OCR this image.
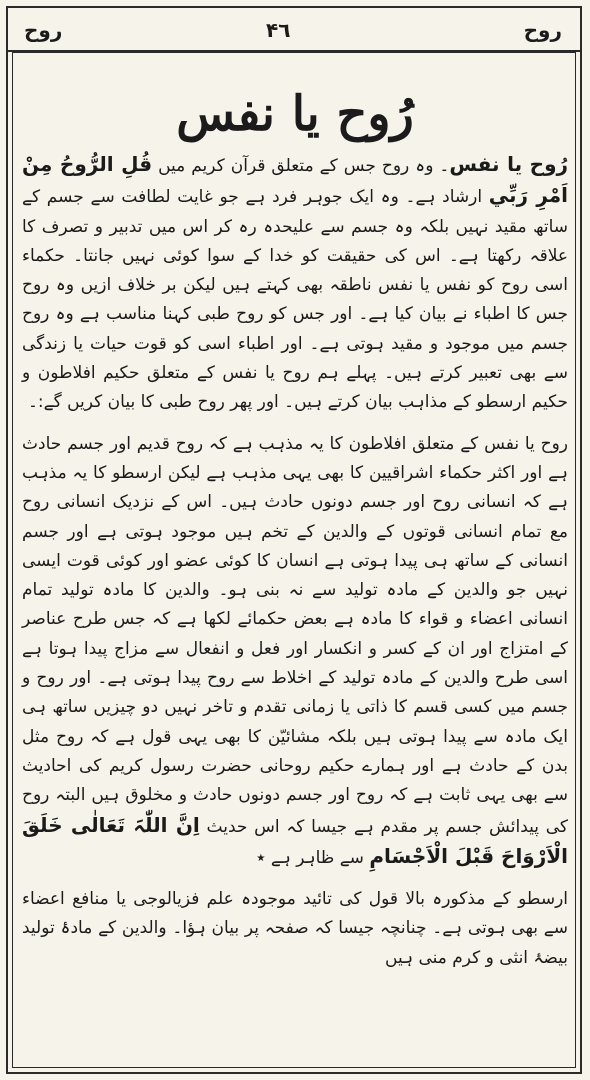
روح	۴٦	روح
رُوح یا نفس

رُوح یا نفس۔ وہ روح جس کے متعلق قرآن کریم میں قُلِ الرُّوحُ مِنْ اَمْرِ رَبِّي ارشاد ہے۔ وہ ایک جوہر فرد ہے جو غایت لطافت سے جسم کے ساتھ مقید نہیں بلکہ وہ جسم سے علیحدہ رہ کر اس میں تدبیر و تصرف کا علاقہ رکھتا ہے۔ اس کی حقیقت کو خدا کے سوا کوئی نہیں جانتا۔ حکماء اسی روح کو نفس یا نفس ناطقہ بھی کہتے ہیں لیکن بر خلاف ازیں وہ روح جس کا اطباء نے بیان کیا ہے۔ اور جس کو روح طبی کہنا مناسب ہے وہ روح جسم میں موجود و مقید ہوتی ہے۔ اور اطباء اسی کو قوت حیات یا زندگی سے بھی تعبیر کرتے ہیں۔ پہلے ہم روح یا نفس کے متعلق حکیم افلاطون و حکیم ارسطو کے مذاہب بیان کرتے ہیں۔ اور پھر روح طبی کا بیان کریں گے:۔

روح یا نفس کے متعلق افلاطون کا یہ مذہب ہے کہ روح قدیم اور جسم حادث ہے اور اکثر حکماء اشراقیین کا بھی یہی مذہب ہے لیکن ارسطو کا یہ مذہب ہے کہ انسانی روح اور جسم دونوں حادث ہیں۔ اس کے نزدیک انسانی روح مع تمام انسانی قوتوں کے والدین کے تخم ہیں موجود ہوتی ہے اور جسم انسانی کے ساتھ ہی پیدا ہوتی ہے انسان کا کوئی عضو اور کوئی قوت ایسی نہیں جو والدین کے مادہ تولید سے نہ بنی ہو۔ والدین کا مادہ تولید تمام انسانی اعضاء و قواء کا مادہ ہے بعض حکمائے لکھا ہے کہ جس طرح عناصر کے امتزاج اور ان کے کسر و انکسار اور فعل و انفعال سے مزاج پیدا ہوتا ہے اسی طرح والدین کے مادہ تولید کے اخلاط سے روح پیدا ہوتی ہے۔ اور روح و جسم میں کسی قسم کا ذاتی یا زمانی تقدم و تاخر نہیں دو چیزیں ساتھ ہی ایک مادہ سے پیدا ہوتی ہیں بلکہ مشائیّن کا بھی یہی قول ہے کہ روح مثل بدن کے حادث ہے اور ہمارے حکیم روحانی حضرت رسول کریم کی احادیث سے بھی یہی ثابت ہے کہ روح اور جسم دونوں حادث و مخلوق ہیں البتہ روح کی پیدائش جسم پر مقدم ہے جیسا کہ اس حدیث اِنَّ اللّٰہَ تَعَالٰی خَلَقَ الْاَرْوَاحَ قَبْلَ الْاَجْسَامِ سے ظاہر ہے ٭

ارسطو کے مذکورہ بالا قول کی تائید موجودہ علم فزیالوجی یا منافع اعضاء سے بھی ہوتی ہے۔ چنانچہ جیسا کہ صفحہ پر بیان ہؤا۔ والدین کے مادۂ تولید بیضۂ انثی و کرم منی ہیں
